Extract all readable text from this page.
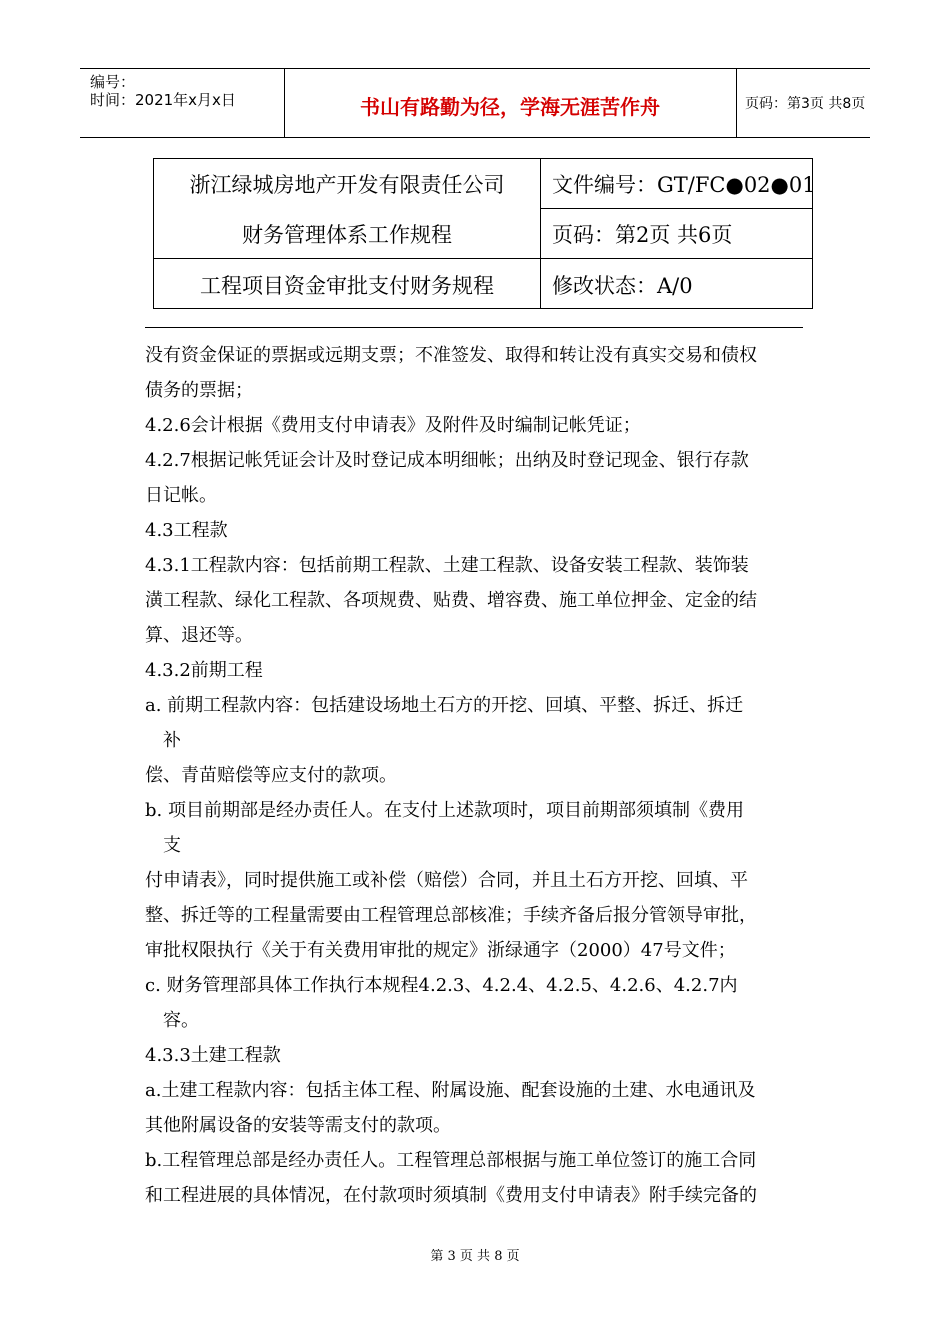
编号：
时间：2021年x月x日	书山有路勤为径，学海无涯苦作舟	页码：第3页 共8页
浙江绿城房地产开发有限责任公司
财务管理体系工作规程
工程项目资金审批支付财务规程
文件编号：GT/FC●02●01
页码：第2页 共6页
修改状态：A/0
没有资金保证的票据或远期支票；不准签发、取得和转让没有真实交易和债权
债务的票据；
4.2.6会计根据《费用支付申请表》及附件及时编制记帐凭证；
4.2.7根据记帐凭证会计及时登记成本明细帐；出纳及时登记现金、银行存款
日记帐。
4.3工程款
4.3.1工程款内容：包括前期工程款、土建工程款、设备安装工程款、装饰装
潢工程款、绿化工程款、各项规费、贴费、增容费、施工单位押金、定金的结
算、退还等。
4.3.2前期工程
a. 前期工程款内容：包括建设场地土石方的开挖、回填、平整、拆迁、拆迁
补
偿、青苗赔偿等应支付的款项。
b. 项目前期部是经办责任人。在支付上述款项时，项目前期部须填制《费用
支
付申请表》，同时提供施工或补偿（赔偿）合同，并且土石方开挖、回填、平
整、拆迁等的工程量需要由工程管理总部核准；手续齐备后报分管领导审批，
审批权限执行《关于有关费用审批的规定》浙绿通字（2000）47号文件；
c. 财务管理部具体工作执行本规程4.2.3、4.2.4、4.2.5、4.2.6、4.2.7内
容。
4.3.3土建工程款
a.土建工程款内容：包括主体工程、附属设施、配套设施的土建、水电通讯及
其他附属设备的安装等需支付的款项。
b.工程管理总部是经办责任人。工程管理总部根据与施工单位签订的施工合同
和工程进展的具体情况，在付款项时须填制《费用支付申请表》附手续完备的
第 3 页 共 8 页
